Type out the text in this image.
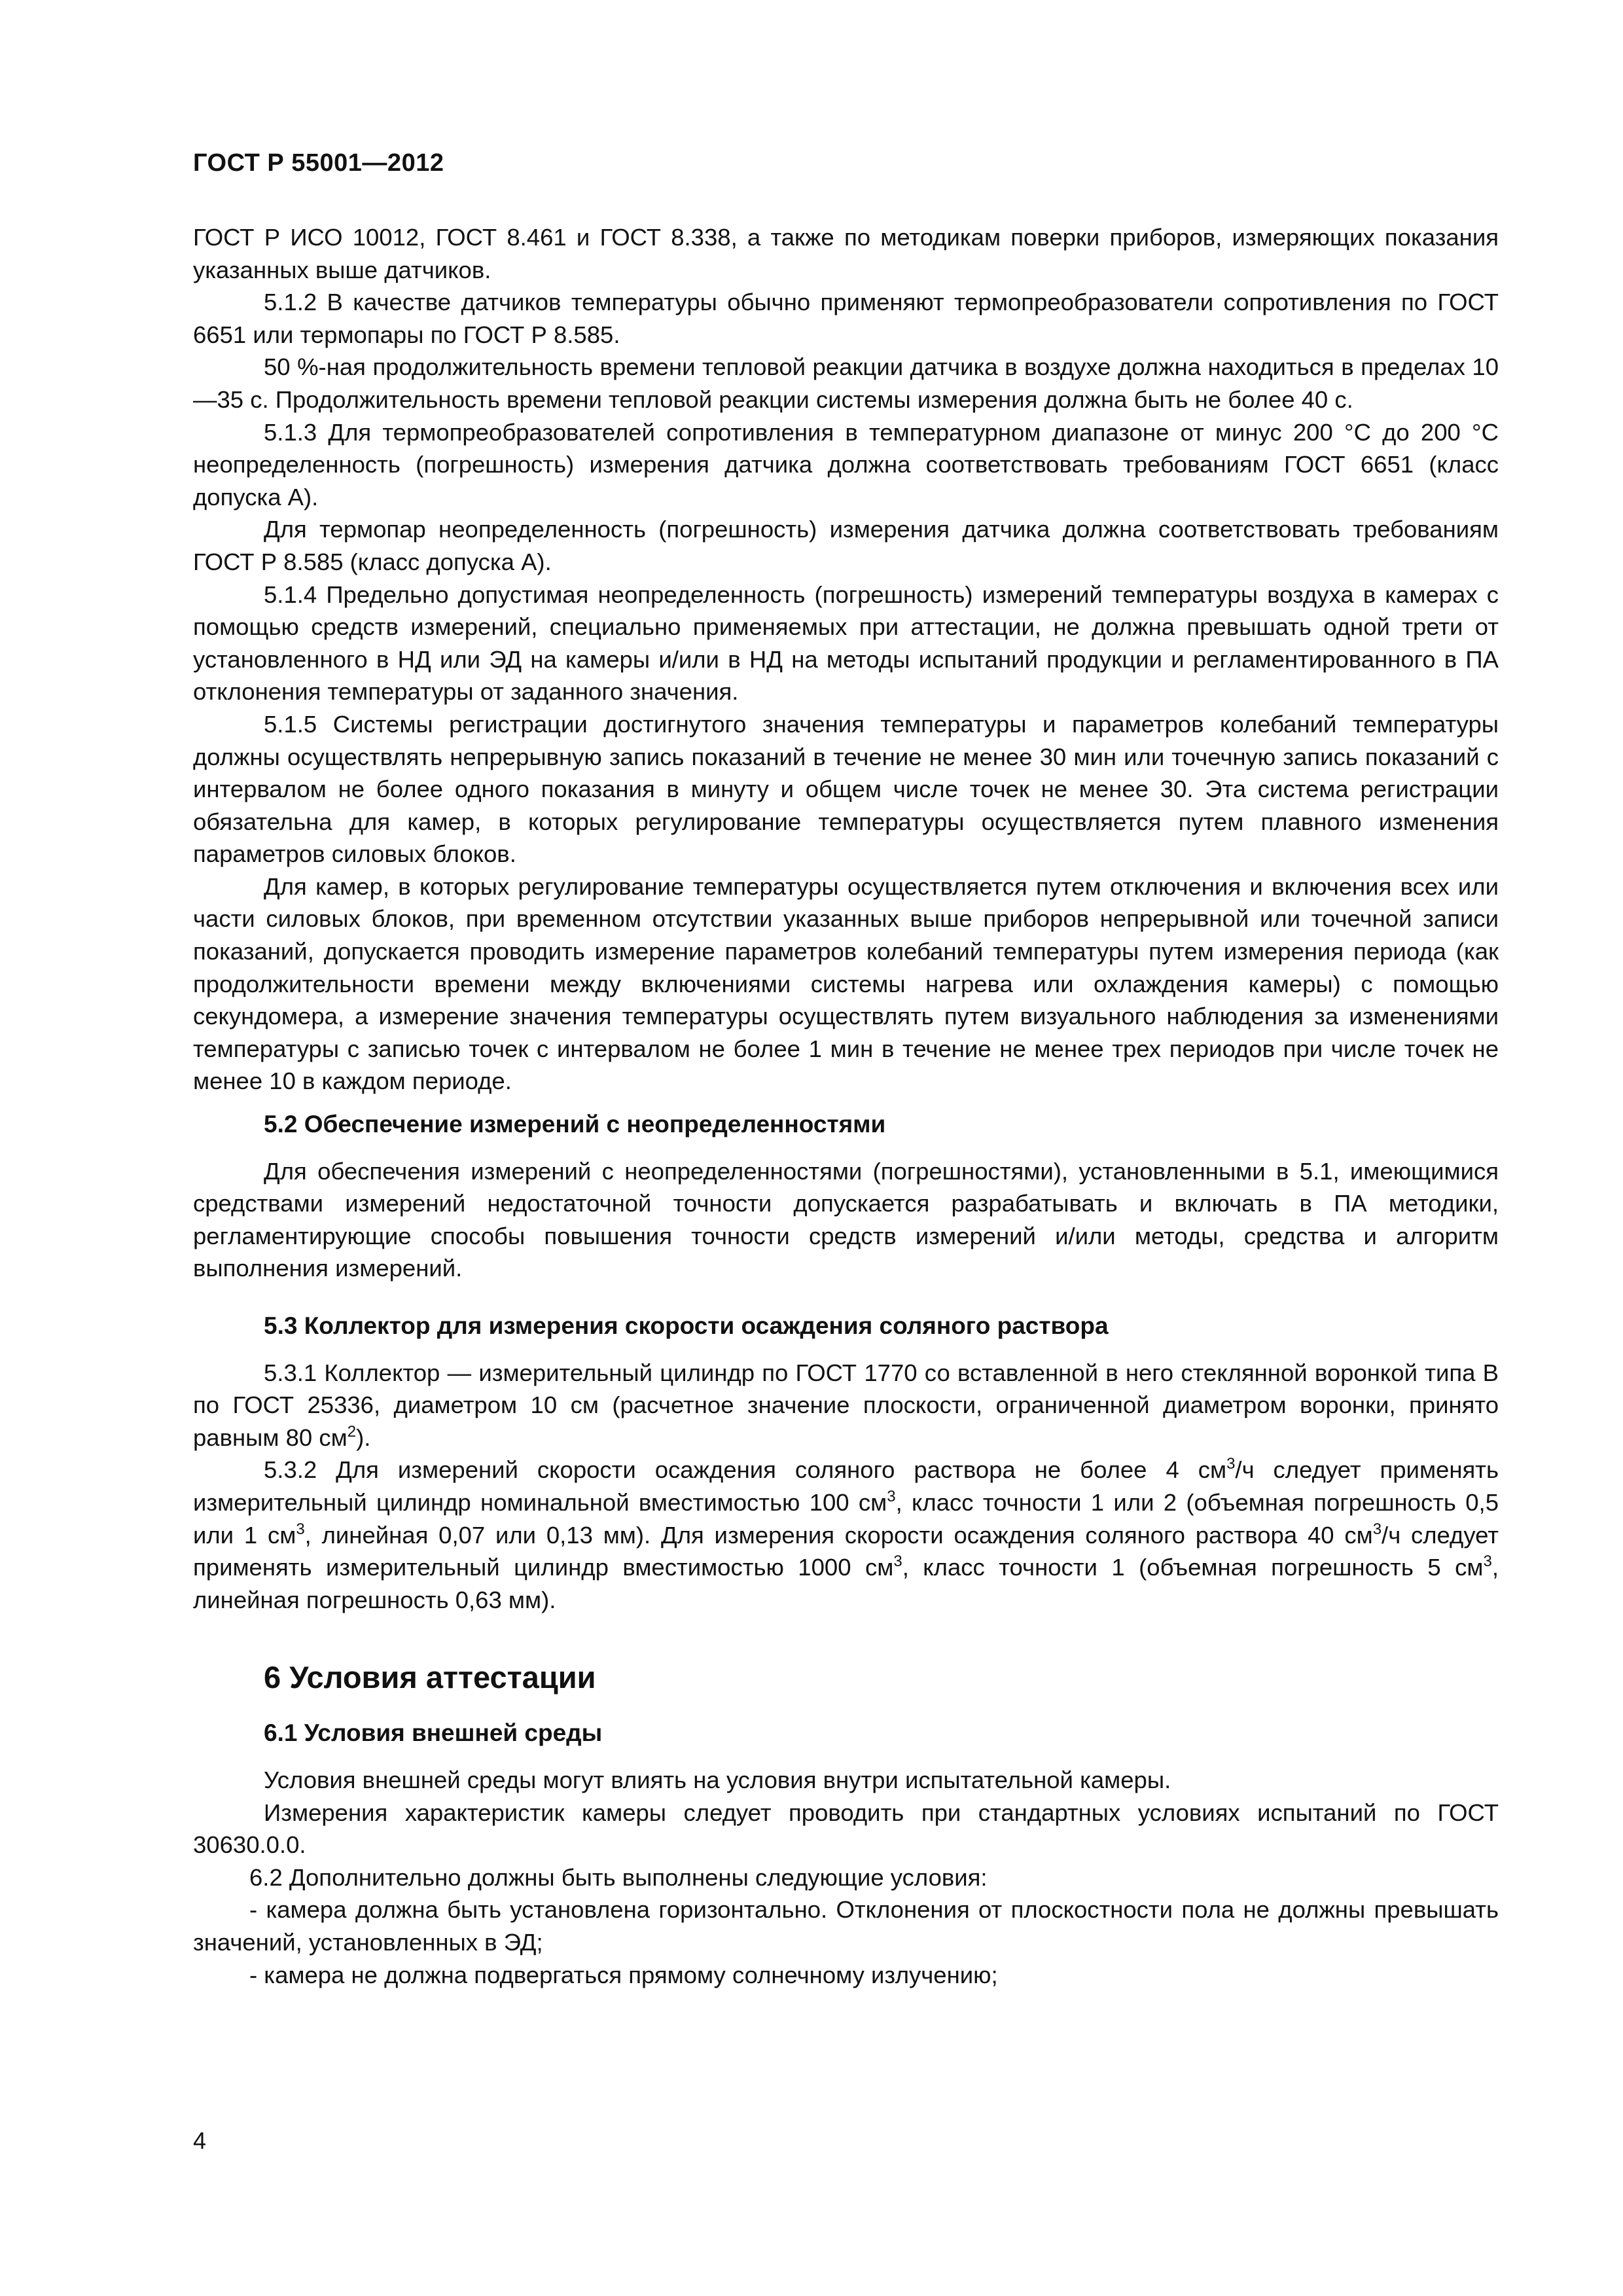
ГОСТ Р 55001—2012

ГОСТ Р ИСО 10012, ГОСТ 8.461 и ГОСТ 8.338, а также по методикам поверки приборов, измеряющих показания указанных выше датчиков.

5.1.2 В качестве датчиков температуры обычно применяют термопреобразователи сопротивления по ГОСТ 6651 или термопары по ГОСТ Р 8.585.

50 %-ная продолжительность времени тепловой реакции датчика в воздухе должна находиться в пределах 10—35 с. Продолжительность времени тепловой реакции системы измерения должна быть не более 40 с.

5.1.3 Для термопреобразователей сопротивления в температурном диапазоне от минус 200 °С до 200 °С неопределенность (погрешность) измерения датчика должна соответствовать требованиям ГОСТ 6651 (класс допуска А).

Для термопар неопределенность (погрешность) измерения датчика должна соответствовать требованиям ГОСТ Р 8.585 (класс допуска А).

5.1.4 Предельно допустимая неопределенность (погрешность) измерений температуры воздуха в камерах с помощью средств измерений, специально применяемых при аттестации, не должна превышать одной трети от установленного в НД или ЭД на камеры и/или в НД на методы испытаний продукции и регламентированного в ПА отклонения температуры от заданного значения.

5.1.5 Системы регистрации достигнутого значения температуры и параметров колебаний температуры должны осуществлять непрерывную запись показаний в течение не менее 30 мин или точечную запись показаний с интервалом не более одного показания в минуту и общем числе точек не менее 30. Эта система регистрации обязательна для камер, в которых регулирование температуры осуществляется путем плавного изменения параметров силовых блоков.

Для камер, в которых регулирование температуры осуществляется путем отключения и включения всех или части силовых блоков, при временном отсутствии указанных выше приборов непрерывной или точечной записи показаний, допускается проводить измерение параметров колебаний температуры путем измерения периода (как продолжительности времени между включениями системы нагрева или охлаждения камеры) с помощью секундомера, а измерение значения температуры осуществлять путем визуального наблюдения за изменениями температуры с записью точек с интервалом не более 1 мин в течение не менее трех периодов при числе точек не менее 10 в каждом периоде.

5.2 Обеспечение измерений с неопределенностями

Для обеспечения измерений с неопределенностями (погрешностями), установленными в 5.1, имеющимися средствами измерений недостаточной точности допускается разрабатывать и включать в ПА методики, регламентирующие способы повышения точности средств измерений и/или методы, средства и алгоритм выполнения измерений.

5.3 Коллектор для измерения скорости осаждения соляного раствора

5.3.1 Коллектор — измерительный цилиндр по ГОСТ 1770 со вставленной в него стеклянной воронкой типа В по ГОСТ 25336, диаметром 10 см (расчетное значение плоскости, ограниченной диаметром воронки, принято равным 80 $см^2$).

5.3.2 Для измерений скорости осаждения соляного раствора не более 4 $см^3/ч$ следует применять измерительный цилиндр номинальной вместимостью 100 $см^3$, класс точности 1 или 2 (объемная погрешность 0,5 или 1 $см^3$, линейная 0,07 или 0,13 мм). Для измерения скорости осаждения соляного раствора 40 $см^3/ч$ следует применять измерительный цилиндр вместимостью 1000 $см^3$, класс точности 1 (объемная погрешность 5 $см^3$, линейная погрешность 0,63 мм).

6 Условия аттестации
6.1 Условия внешней среды

Условия внешней среды могут влиять на условия внутри испытательной камеры.

Измерения характеристик камеры следует проводить при стандартных условиях испытаний по ГОСТ 30630.0.0.

6.2 Дополнительно должны быть выполнены следующие условия:

- камера должна быть установлена горизонтально. Отклонения от плоскостности пола не должны превышать значений, установленных в ЭД;

- камера не должна подвергаться прямому солнечному излучению;

4
